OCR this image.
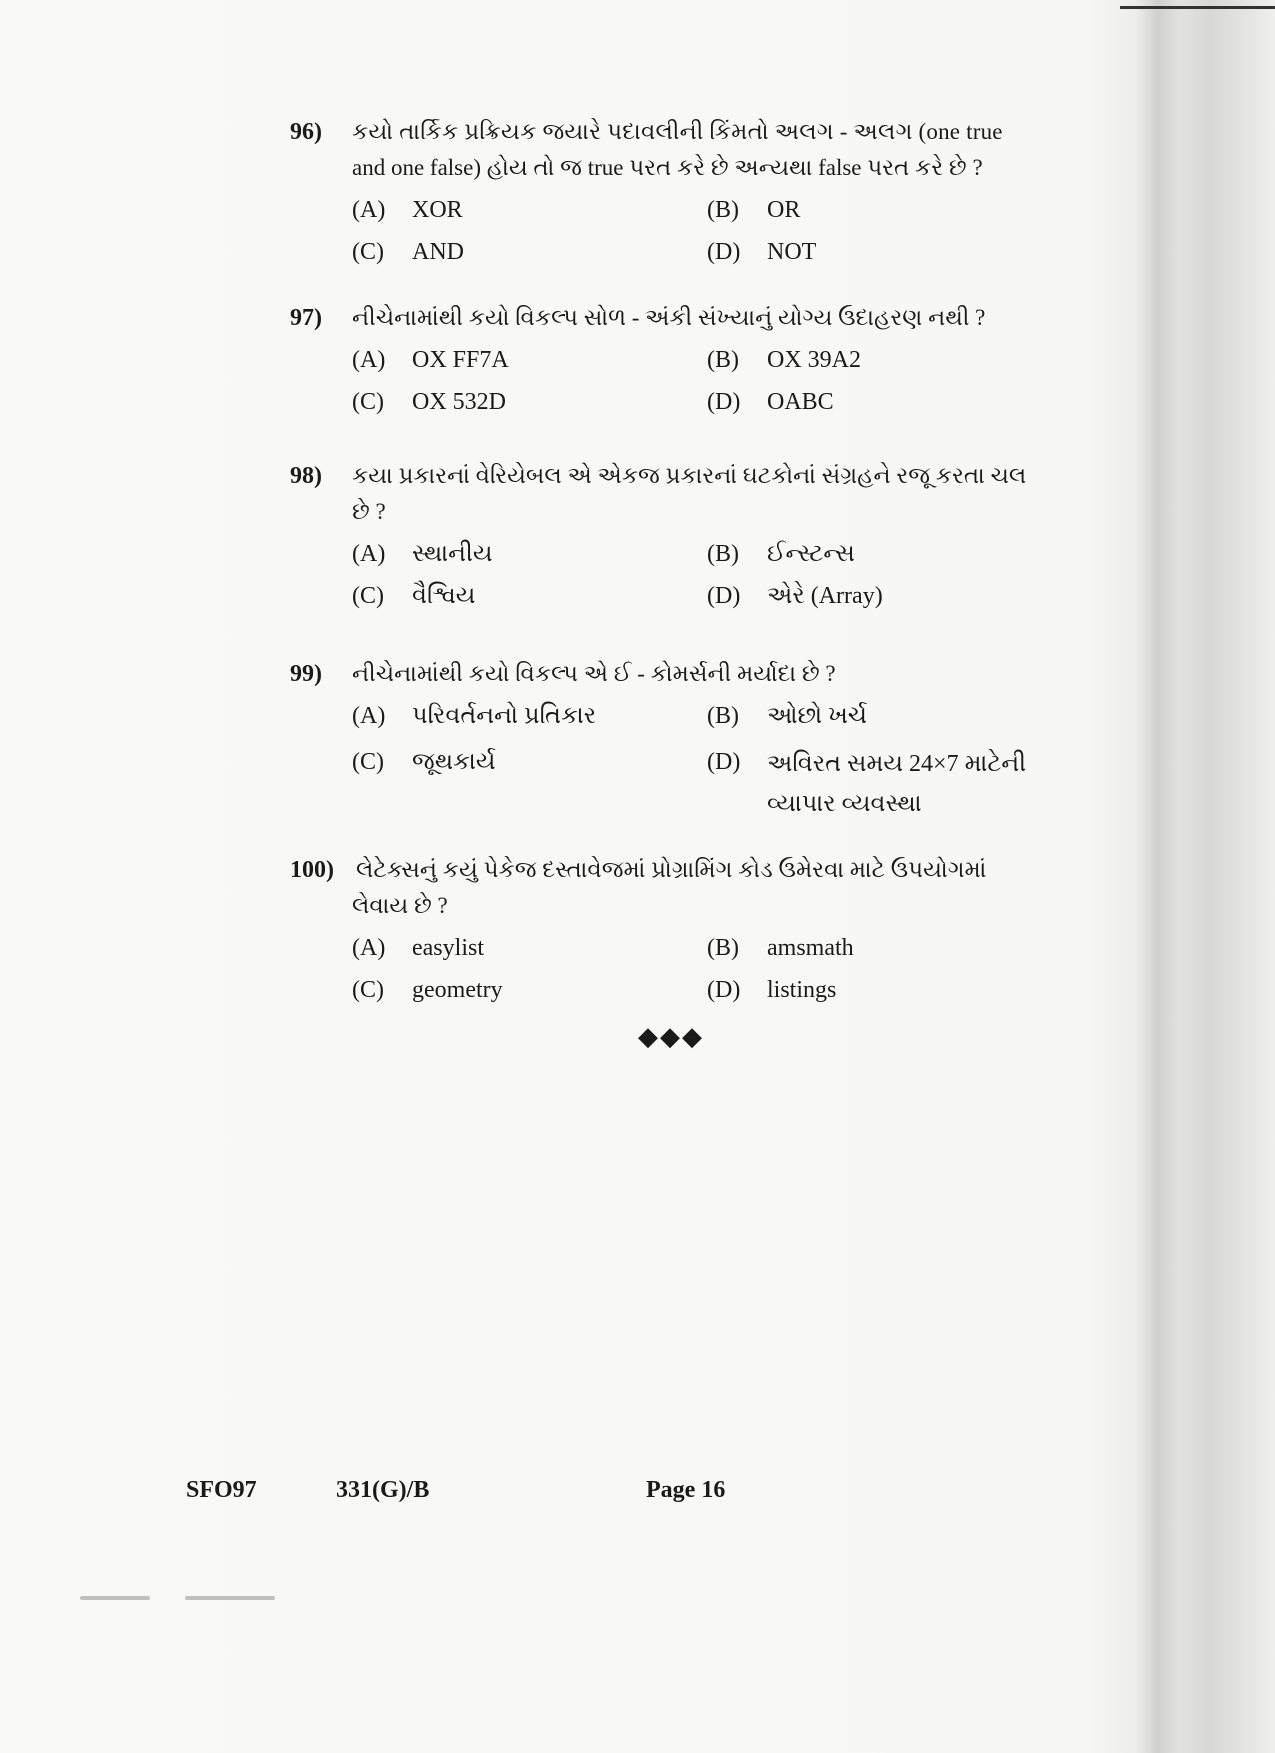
96) કયો તાર્કિક પ્રક્રિયક જયારે પદાવલીની કિંમતો અલગ - અલગ (one true
and one false) હોય તો જ true પરત કરે છે અન્યથા false પરત કરે છે ?
(A) XOR	(B) OR
(C) AND	(D) NOT
97) નીચેનામાંથી કયો વિકલ્પ સોળ - અંકી સંખ્યાનું યોગ્ય ઉદાહરણ નથી ?
(A) OX FF7A	(B) OX 39A2
(C) OX 532D	(D) OABC
98) કયા પ્રકારનાં વેરિયેબલ એ એકજ પ્રકારનાં ઘટકોનાં સંગ્રહને રજૂ કરતા ચલ
છે ?
(A) સ્થાનીય	(B) ઈન્સ્ટન્સ
(C) વૈશ્વિય	(D) એરે (Array)
99) નીચેનામાંથી કયો વિકલ્પ એ ઈ - કોમર્સની મર્યાદા છે ?
(A) પરિવર્તનનો પ્રતિકાર	(B) ઓછો ખર્ચ
(C) જૂથકાર્ય	(D) અવિરત સમય 24×7 માટેની વ્યાપાર વ્યવસ્થા
100) લેટેક્સનું કયું પેકેજ દસ્તાવેજમાં પ્રોગ્રામિંગ કોડ ઉમેરવા માટે ઉપયોગમાં
લેવાય છે ?
(A) easylist	(B) amsmath
(C) geometry	(D) listings
◆◆◆
SFO97	331(G)/B	Page 16
